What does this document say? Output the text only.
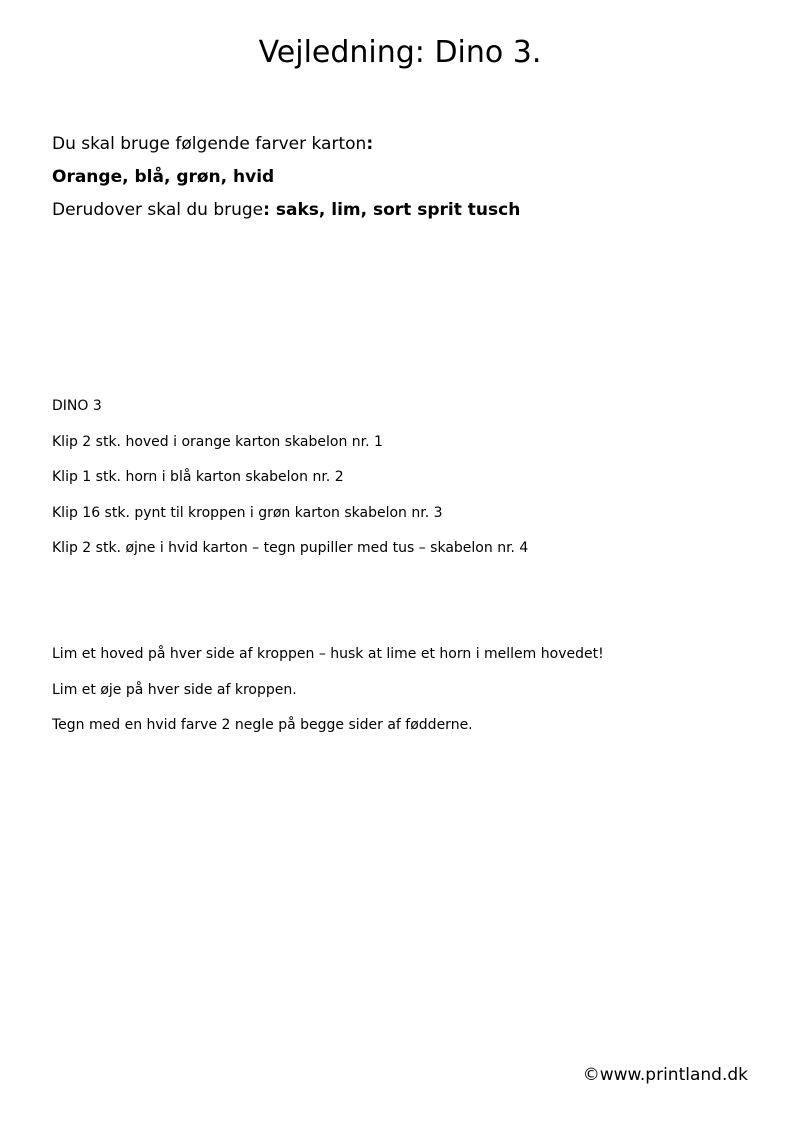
Vejledning: Dino 3.

Du skal bruge følgende farver karton:

Orange, blå, grøn, hvid

Derudover skal du bruge: saks, lim, sort sprit tusch

DINO 3

Klip 2 stk. hoved i orange karton skabelon nr. 1
Klip 1 stk. horn i blå karton skabelon nr. 2
Klip 16 stk. pynt til kroppen i grøn karton skabelon nr. 3
Klip 2 stk. øjne i hvid karton – tegn pupiller med tus – skabelon nr. 4
Lim et hoved på hver side af kroppen – husk at lime et horn i mellem hovedet!
Lim et øje på hver side af kroppen.
Tegn med en hvid farve 2 negle på begge sider af fødderne.

©www.printland.dk
